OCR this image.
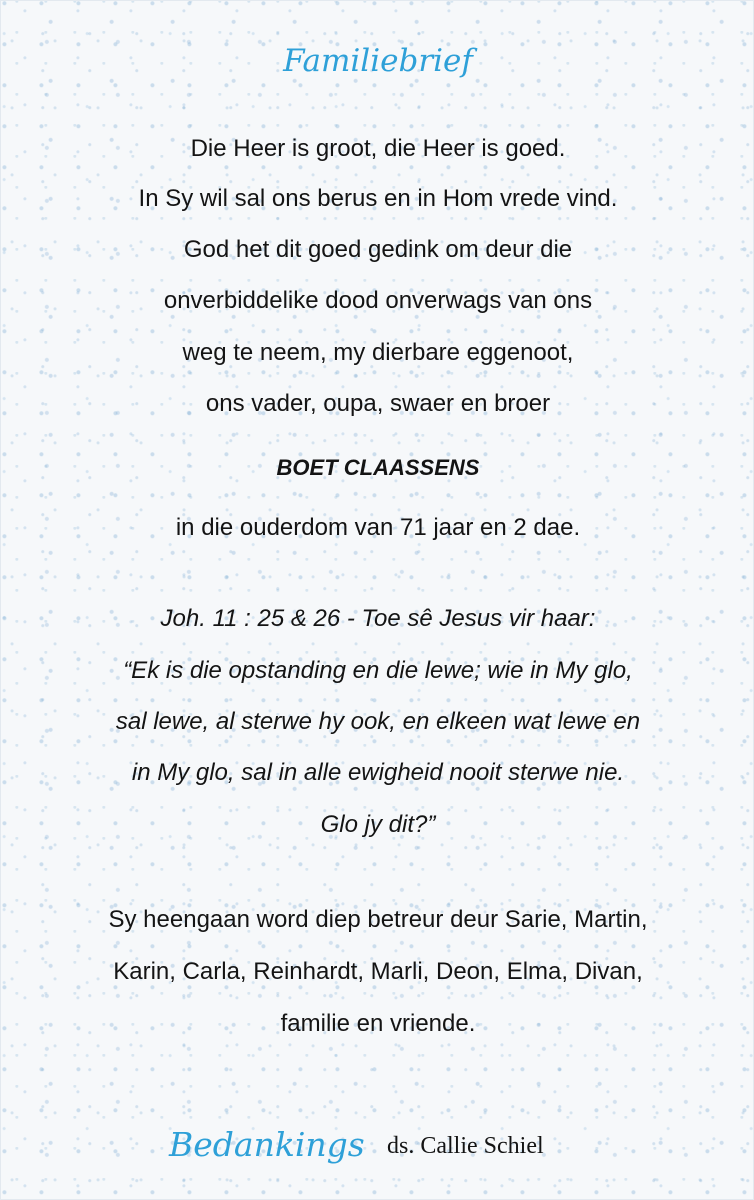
Familiebrief
Die Heer is groot, die Heer is goed.
In Sy wil sal ons berus en in Hom vrede vind.
God het dit goed gedink om deur die
onverbiddelike dood onverwags van ons
weg te neem, my dierbare eggenoot,
ons vader, oupa, swaer en broer
BOET CLAASSENS
in die ouderdom van 71 jaar en 2 dae.
Joh. 11 : 25 & 26 - Toe sê Jesus vir haar:
“Ek is die opstanding en die lewe; wie in My glo,
sal lewe, al sterwe hy ook, en elkeen wat lewe en
in My glo, sal in alle ewigheid nooit sterwe nie.
Glo jy dit?”
Sy heengaan word diep betreur deur Sarie, Martin,
Karin, Carla, Reinhardt, Marli, Deon, Elma, Divan,
familie en vriende.
Bedankings ds. Callie Schiel
